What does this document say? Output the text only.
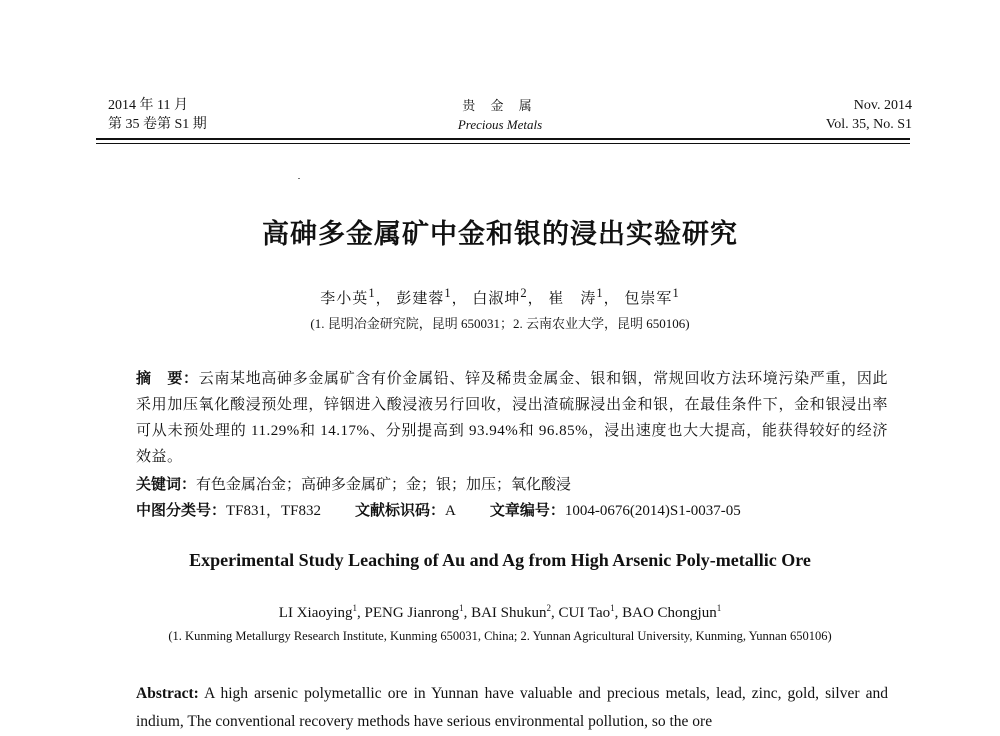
2014 年 11 月
第 35 卷第 S1 期
贵 金 属
Precious Metals
Nov. 2014
Vol. 35, No. S1
高砷多金属矿中金和银的浸出实验研究
李小英$^1$， 彭建蓉$^1$， 白淑坤$^2$， 崔　涛$^1$， 包崇军$^1$
(1. 昆明冶金研究院，昆明 650031；2. 云南农业大学，昆明 650106)
摘　要：云南某地高砷多金属矿含有价金属铅、锌及稀贵金属金、银和铟，常规回收方法环境污染严重，因此采用加压氧化酸浸预处理，锌铟进入酸浸液另行回收，浸出渣硫脲浸出金和银，在最佳条件下，金和银浸出率可从未预处理的 11.29%和 14.17%、分别提高到 93.94%和 96.85%，浸出速度也大大提高，能获得较好的经济效益。
关键词：有色金属冶金；高砷多金属矿；金；银；加压；氧化酸浸
中图分类号：TF831，TF832 文献标识码：A 文章编号：1004-0676(2014)S1-0037-05
Experimental Study Leaching of Au and Ag from High Arsenic Poly-metallic Ore
LI Xiaoying$^1$, PENG Jianrong$^1$, BAI Shukun$^2$, CUI Tao$^1$, BAO Chongjun$^1$
(1. Kunming Metallurgy Research Institute, Kunming 650031, China; 2. Yunnan Agricultural University, Kunming, Yunnan 650106)
Abstract: A high arsenic polymetallic ore in Yunnan have valuable and precious metals, lead, zinc, gold, silver and indium, The conventional recovery methods have serious environmental pollution, so the ore
